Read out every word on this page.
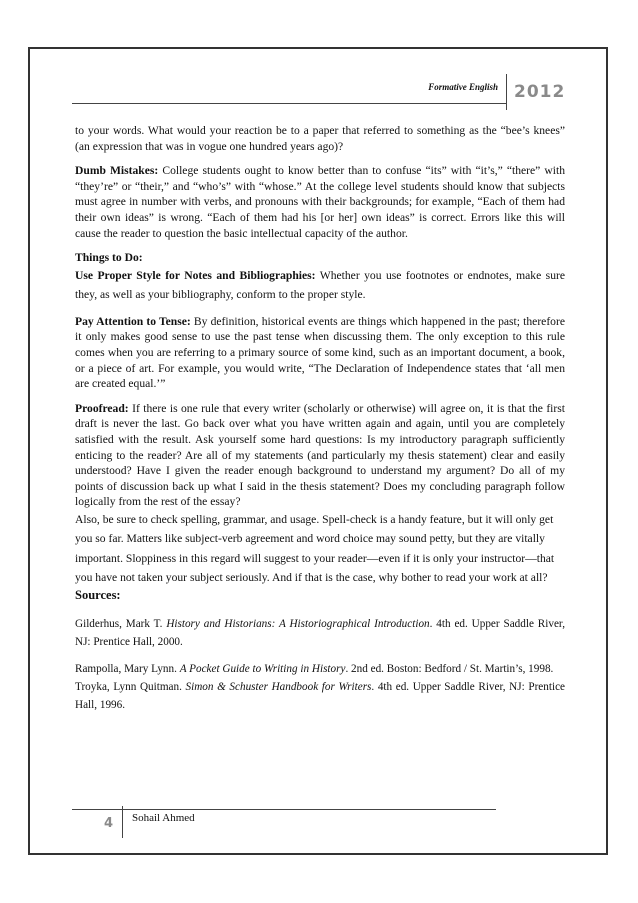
Formative English 2012

to your words. What would your reaction be to a paper that referred to something as the “bee’s knees” (an expression that was in vogue one hundred years ago)?

Dumb Mistakes: College students ought to know better than to confuse “its” with “it’s,” “there” with “they’re” or “their,” and “who’s” with “whose.” At the college level students should know that subjects must agree in number with verbs, and pronouns with their backgrounds; for example, “Each of them had their own ideas” is wrong. “Each of them had his [or her] own ideas” is correct. Errors like this will cause the reader to question the basic intellectual capacity of the author.

Things to Do:

Use Proper Style for Notes and Bibliographies: Whether you use footnotes or endnotes, make sure they, as well as your bibliography, conform to the proper style.

Pay Attention to Tense: By definition, historical events are things which happened in the past; therefore it only makes good sense to use the past tense when discussing them. The only exception to this rule comes when you are referring to a primary source of some kind, such as an important document, a book, or a piece of art. For example, you would write, “The Declaration of Independence states that ‘all men are created equal.’”

Proofread: If there is one rule that every writer (scholarly or otherwise) will agree on, it is that the first draft is never the last. Go back over what you have written again and again, until you are completely satisfied with the result. Ask yourself some hard questions: Is my introductory paragraph sufficiently enticing to the reader? Are all of my statements (and particularly my thesis statement) clear and easily understood? Have I given the reader enough background to understand my argument? Do all of my points of discussion back up what I said in the thesis statement? Does my concluding paragraph follow logically from the rest of the essay?

Also, be sure to check spelling, grammar, and usage. Spell-check is a handy feature, but it will only get you so far. Matters like subject-verb agreement and word choice may sound petty, but they are vitally important. Sloppiness in this regard will suggest to your reader—even if it is only your instructor—that you have not taken your subject seriously. And if that is the case, why bother to read your work at all?

Sources:

Gilderhus, Mark T. History and Historians: A Historiographical Introduction. 4th ed. Upper Saddle River, NJ: Prentice Hall, 2000.

Rampolla, Mary Lynn. A Pocket Guide to Writing in History. 2nd ed. Boston: Bedford / St. Martin’s, 1998.

Troyka, Lynn Quitman. Simon & Schuster Handbook for Writers. 4th ed. Upper Saddle River, NJ: Prentice Hall, 1996.

4 Sohail Ahmed
